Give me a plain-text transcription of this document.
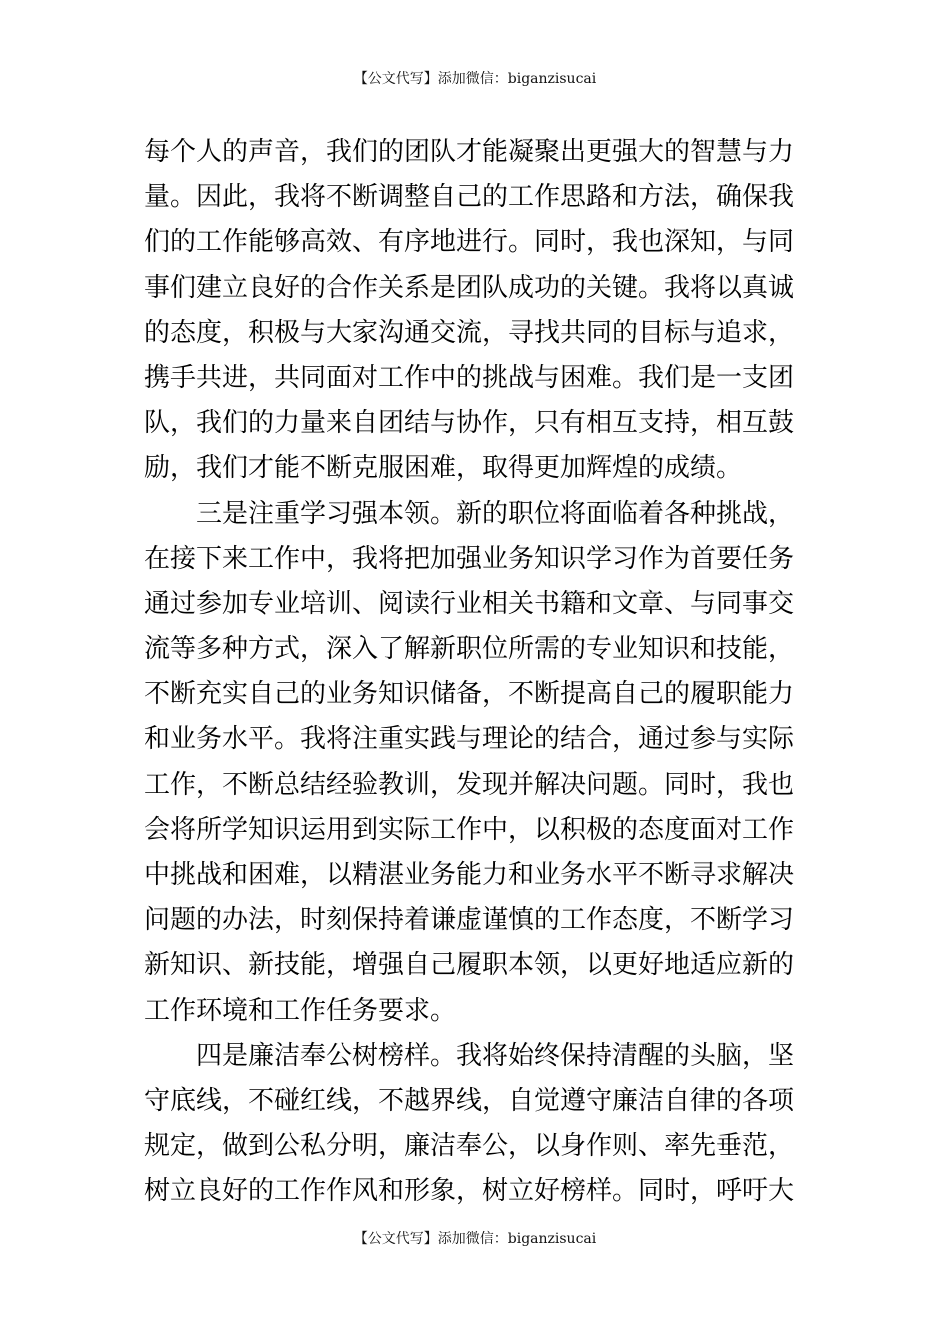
【公文代写】添加微信：biganzisucai
每个人的声音，我们的团队才能凝聚出更强大的智慧与力
量。因此，我将不断调整自己的工作思路和方法，确保我
们的工作能够高效、有序地进行。同时，我也深知，与同
事们建立良好的合作关系是团队成功的关键。我将以真诚
的态度，积极与大家沟通交流，寻找共同的目标与追求，
携手共进，共同面对工作中的挑战与困难。我们是一支团
队，我们的力量来自团结与协作，只有相互支持，相互鼓
励，我们才能不断克服困难，取得更加辉煌的成绩。
三是注重学习强本领。新的职位将面临着各种挑战，
在接下来工作中，我将把加强业务知识学习作为首要任务
通过参加专业培训、阅读行业相关书籍和文章、与同事交
流等多种方式，深入了解新职位所需的专业知识和技能，
不断充实自己的业务知识储备，不断提高自己的履职能力
和业务水平。我将注重实践与理论的结合，通过参与实际
工作，不断总结经验教训，发现并解决问题。同时，我也
会将所学知识运用到实际工作中，以积极的态度面对工作
中挑战和困难，以精湛业务能力和业务水平不断寻求解决
问题的办法，时刻保持着谦虚谨慎的工作态度，不断学习
新知识、新技能，增强自己履职本领，以更好地适应新的
工作环境和工作任务要求。
四是廉洁奉公树榜样。我将始终保持清醒的头脑，坚
守底线，不碰红线，不越界线，自觉遵守廉洁自律的各项
规定，做到公私分明，廉洁奉公，以身作则、率先垂范，
树立良好的工作作风和形象，树立好榜样。同时，呼吁大
【公文代写】添加微信：biganzisucai
